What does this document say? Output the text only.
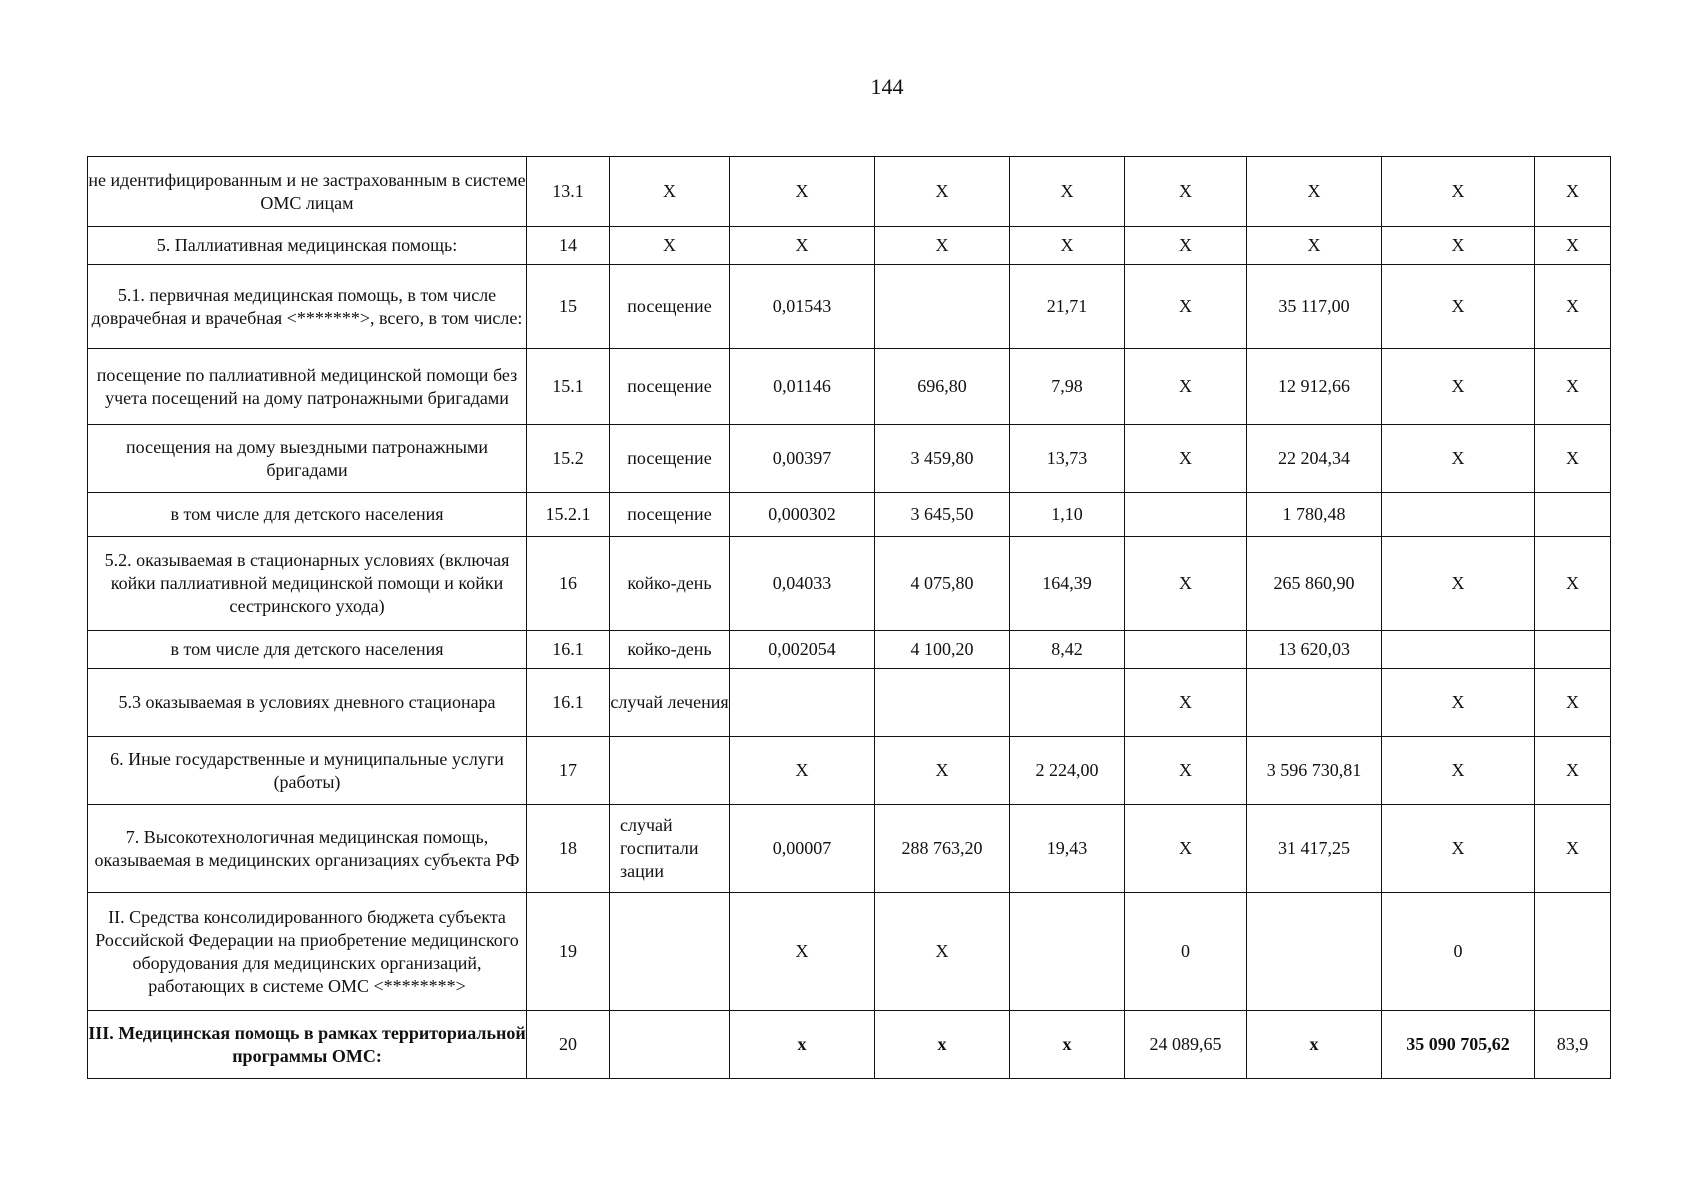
144
не идентифицированным и не застрахованным в системе ОМС лицам	13.1	X	X	X	X	X	X	X	X
5. Паллиативная медицинская помощь:	14	X	X	X	X	X	X	X	X
5.1. первичная медицинская помощь, в том числе доврачебная и врачебная <*******>, всего, в том числе:	15	посещение	0,01543		21,71	X	35 117,00	X	X
посещение по паллиативной медицинской помощи без учета посещений на дому патронажными бригадами	15.1	посещение	0,01146	696,80	7,98	X	12 912,66	X	X
посещения на дому выездными патронажными бригадами	15.2	посещение	0,00397	3 459,80	13,73	X	22 204,34	X	X
в том числе для детского населения	15.2.1	посещение	0,000302	3 645,50	1,10		1 780,48		
5.2. оказываемая в стационарных условиях (включая койки паллиативной медицинской помощи и койки сестринского ухода)	16	койко-день	0,04033	4 075,80	164,39	X	265 860,90	X	X
в том числе для детского населения	16.1	койко-день	0,002054	4 100,20	8,42		13 620,03		
5.3 оказываемая в условиях дневного стационара	16.1	случай лечения				X		X	X
6. Иные государственные и муниципальные услуги (работы)	17		X	X	2 224,00	X	3 596 730,81	X	X
7. Высокотехнологичная медицинская помощь, оказываемая в медицинских организациях субъекта РФ	18	случай госпитали зации	0,00007	288 763,20	19,43	X	31 417,25	X	X
II. Средства консолидированного бюджета субъекта Российской Федерации на приобретение медицинского оборудования для медицинских организаций, работающих в системе ОМС <********>	19		X	X		0		0	
III. Медицинская помощь в рамках территориальной программы ОМС:	20		x	x	x	24 089,65	x	35 090 705,62	83,9
